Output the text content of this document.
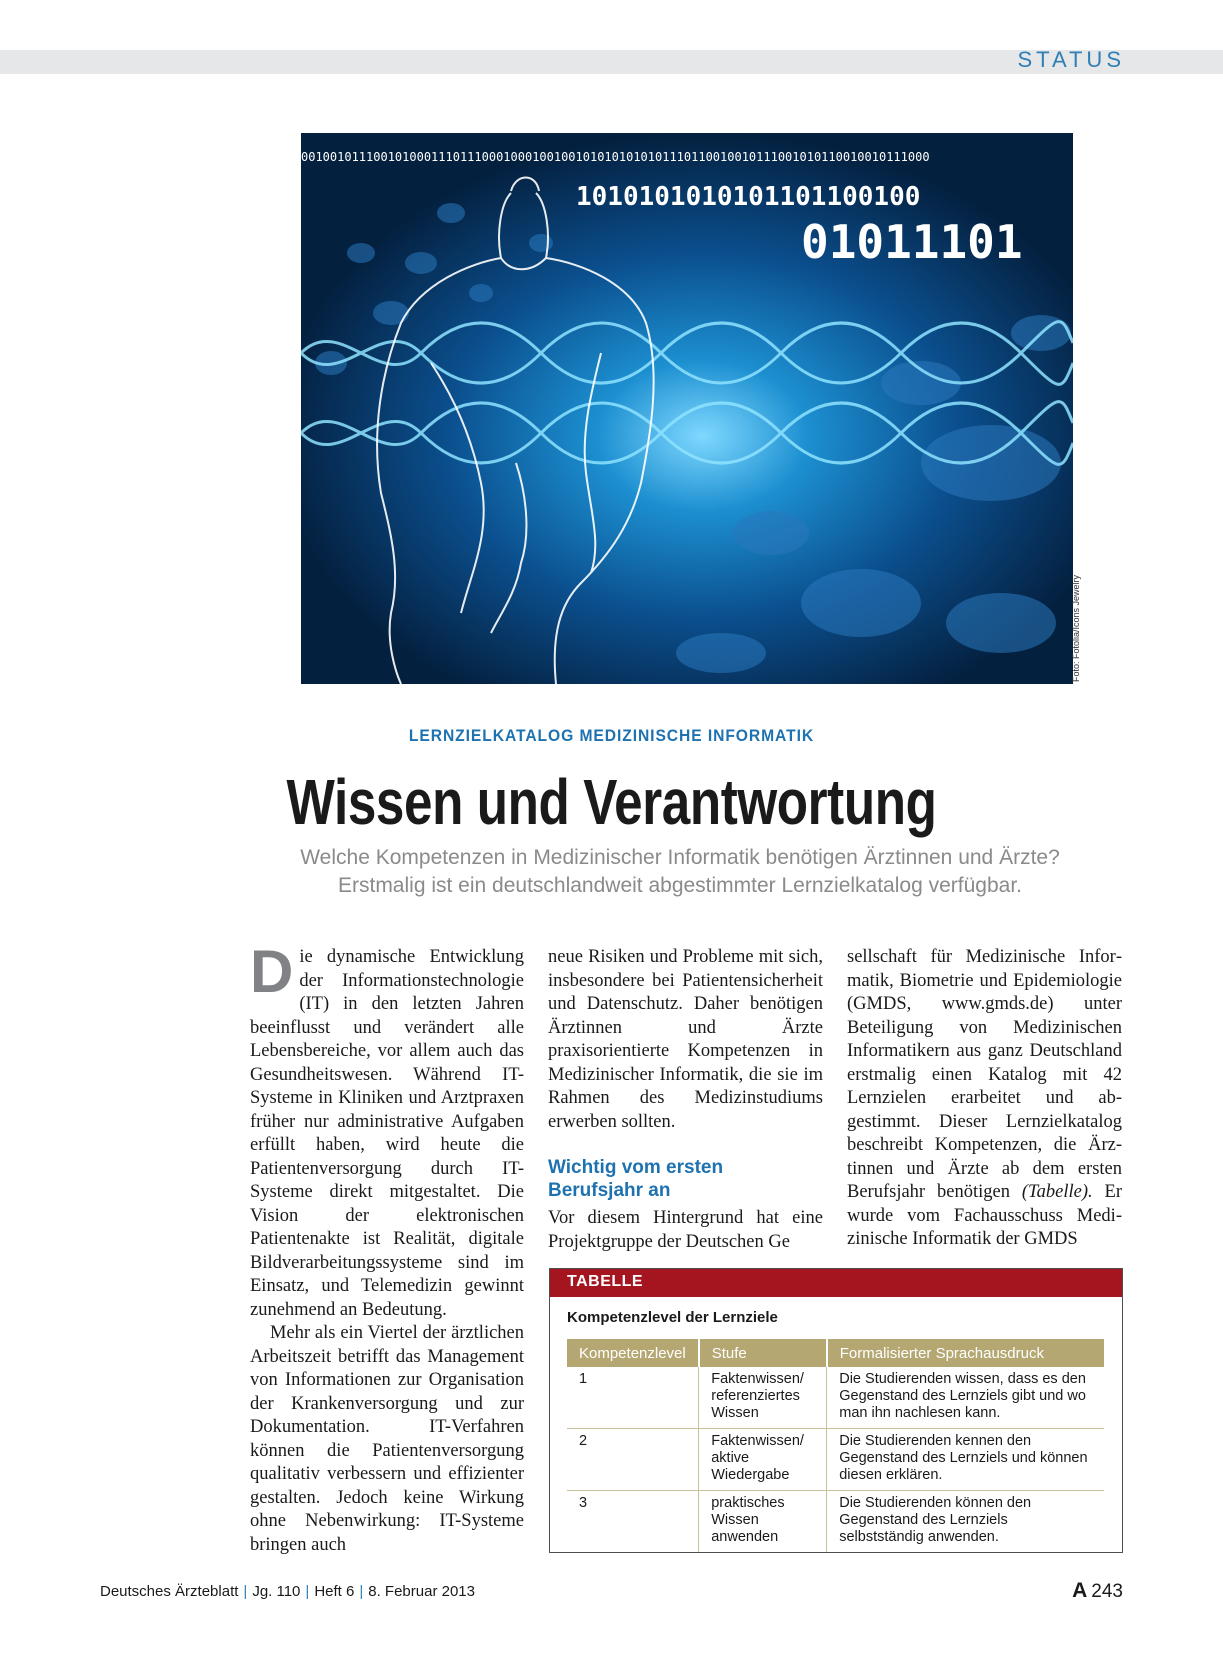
STATUS
001001011100101000111011100010001001001010101010101110110010010111001010110010010111000
1010101010101101100100
01011101
Foto: Fotolia/Icons Jewelry
LERNZIELKATALOG MEDIZINISCHE INFORMATIK
Wissen und Verantwortung
Welche Kompetenzen in Medizinischer Informatik benötigen Ärztinnen und Ärzte?
Erstmalig ist ein deutschlandweit abgestimmter Lernzielkatalog verfügbar.

Die dynamische Entwicklung der Informationstechnologie (IT) in den letzten Jahren beeinflusst und verändert alle Lebensbereiche, vor allem auch das Gesundheitswesen. Während IT-Systeme in Kliniken und Arztpraxen früher nur administrative Aufgaben erfüllt haben, wird heute die Patientenversorgung durch IT-Systeme direkt mitgestaltet. Die Vision der elektronischen Patientenakte ist Realität, digitale Bildverarbeitungssysteme sind im Einsatz, und Telemedizin gewinnt zunehmend an Bedeutung.

Mehr als ein Viertel der ärztlichen Arbeitszeit betrifft das Management von Informationen zur Organisation der Krankenversorgung und zur Dokumentation. IT-Verfahren können die Patientenversorgung qualitativ verbessern und effizienter gestalten. Jedoch keine Wirkung ohne Nebenwirkung: IT-Systeme bringen auch

neue Risiken und Probleme mit sich, insbesondere bei Patientensicherheit und Datenschutz. Daher benötigen Ärztinnen und Ärzte praxisorientierte Kompetenzen in Medizinischer Informatik, die sie im Rahmen des Medizinstudiums erwerben sollten.

Wichtig vom ersten Berufsjahr an

Vor diesem Hintergrund hat eine Projektgruppe der Deutschen Ge

sellschaft für Medizinische Informatik, Biometrie und Epidemiologie (GMDS, www.gmds.de) unter Beteiligung von Medizinischen Informatikern aus ganz Deutschland erstmalig einen Katalog mit 42 Lernzielen erarbeitet und abgestimmt. Dieser Lernzielkatalog beschreibt Kompetenzen, die Ärztinnen und Ärzte ab dem ersten Berufsjahr benötigen (Tabelle). Er wurde vom Fachausschuss Medizinische Informatik der GMDS

TABELLE
Kompetenzlevel der Lernziele
Kompetenzlevel	Stufe	Formalisierter Sprachausdruck
1	Faktenwissen/ referenziertes Wissen	Die Studierenden wissen, dass es den Gegenstand des Lernziels gibt und wo man ihn nachlesen kann.
2	Faktenwissen/ aktive Wiedergabe	Die Studierenden kennen den Gegenstand des Lernziels und können diesen erklären.
3	praktisches Wissen anwenden	Die Studierenden können den Gegenstand des Lernziels selbstständig anwenden.
Deutsches Ärzteblatt | Jg. 110 | Heft 6 | 8. Februar 2013	A 243
